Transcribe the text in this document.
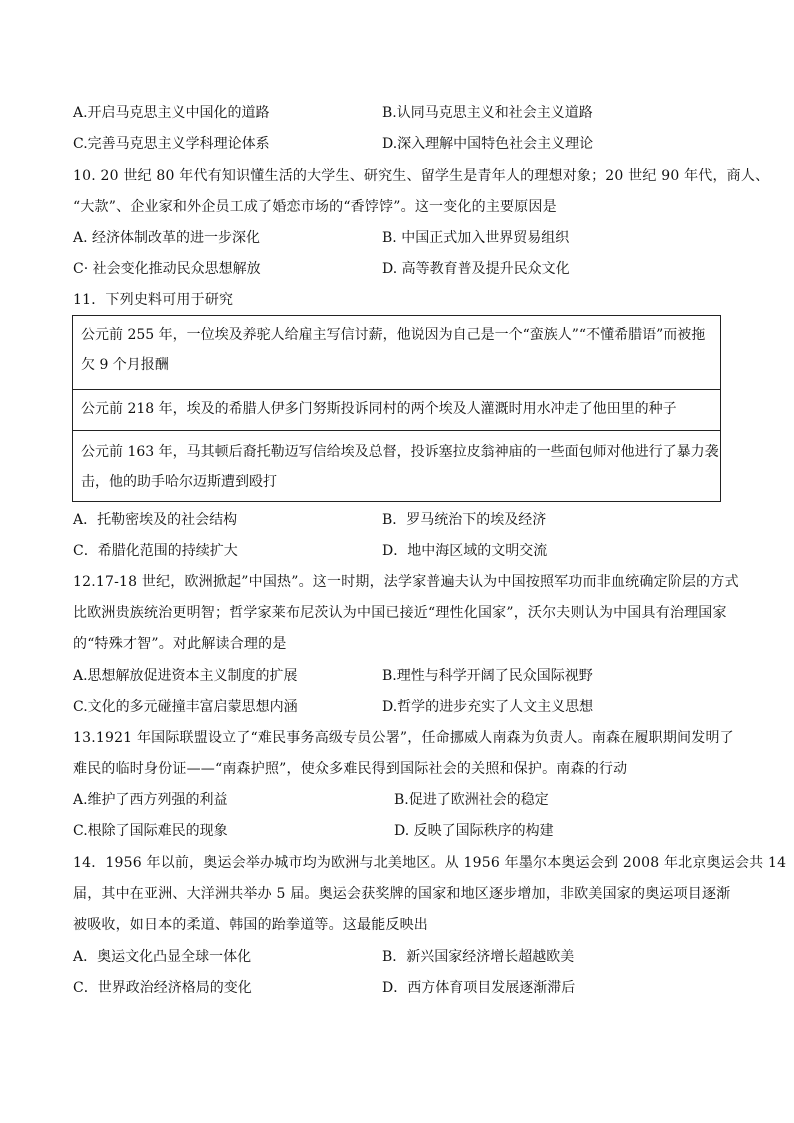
A.开启马克思主义中国化的道路	B.认同马克思主义和社会主义道路
C.完善马克思主义学科理论体系	D.深入理解中国特色社会主义理论
10. 20 世纪 80 年代有知识懂生活的大学生、研究生、留学生是青年人的理想对象；20 世纪 90 年代，商人、
“大款”、企业家和外企员工成了婚恋市场的“香饽饽”。这一变化的主要原因是
A. 经济体制改革的进一步深化	B. 中国正式加入世界贸易组织
C· 社会变化推动民众思想解放	D. 高等教育普及提升民众文化
11．下列史料可用于研究
公元前 255 年，一位埃及养驼人给雇主写信讨薪，他说因为自己是一个“蛮族人”“不懂希腊语”而被拖
欠 9 个月报酬
公元前 218 年，埃及的希腊人伊多门努斯投诉同村的两个埃及人灌溉时用水冲走了他田里的种子
公元前 163 年，马其顿后裔托勒迈写信给埃及总督，投诉塞拉皮翁神庙的一些面包师对他进行了暴力袭
击，他的助手哈尔迈斯遭到殴打
A．托勒密埃及的社会结构	B．罗马统治下的埃及经济
C．希腊化范围的持续扩大	D．地中海区域的文明交流
12.17-18 世纪，欧洲掀起”中国热”。这一时期，法学家普遍夫认为中国按照军功而非血统确定阶层的方式
比欧洲贵族统治更明智；哲学家莱布尼茨认为中国已接近“理性化国家”，沃尔夫则认为中国具有治理国家
的“特殊才智”。对此解读合理的是
A.思想解放促进资本主义制度的扩展	B.理性与科学开阔了民众国际视野
C.文化的多元碰撞丰富启蒙思想内涵	D.哲学的进步充实了人文主义思想
13.1921 年国际联盟设立了“难民事务高级专员公署”，任命挪威人南森为负责人。南森在履职期间发明了
难民的临时身份证——“南森护照”，使众多难民得到国际社会的关照和保护。南森的行动
A.维护了西方列强的利益	B.促进了欧洲社会的稳定
C.根除了国际难民的现象	D. 反映了国际秩序的构建
14．1956 年以前，奥运会举办城市均为欧洲与北美地区。从 1956 年墨尔本奥运会到 2008 年北京奥运会共 14
届，其中在亚洲、大洋洲共举办 5 届。奥运会获奖牌的国家和地区逐步增加，非欧美国家的奥运项目逐渐
被吸收，如日本的柔道、韩国的跆拳道等。这最能反映出
A．奥运文化凸显全球一体化	B．新兴国家经济增长超越欧美
C．世界政治经济格局的变化	D．西方体育项目发展逐渐滞后
